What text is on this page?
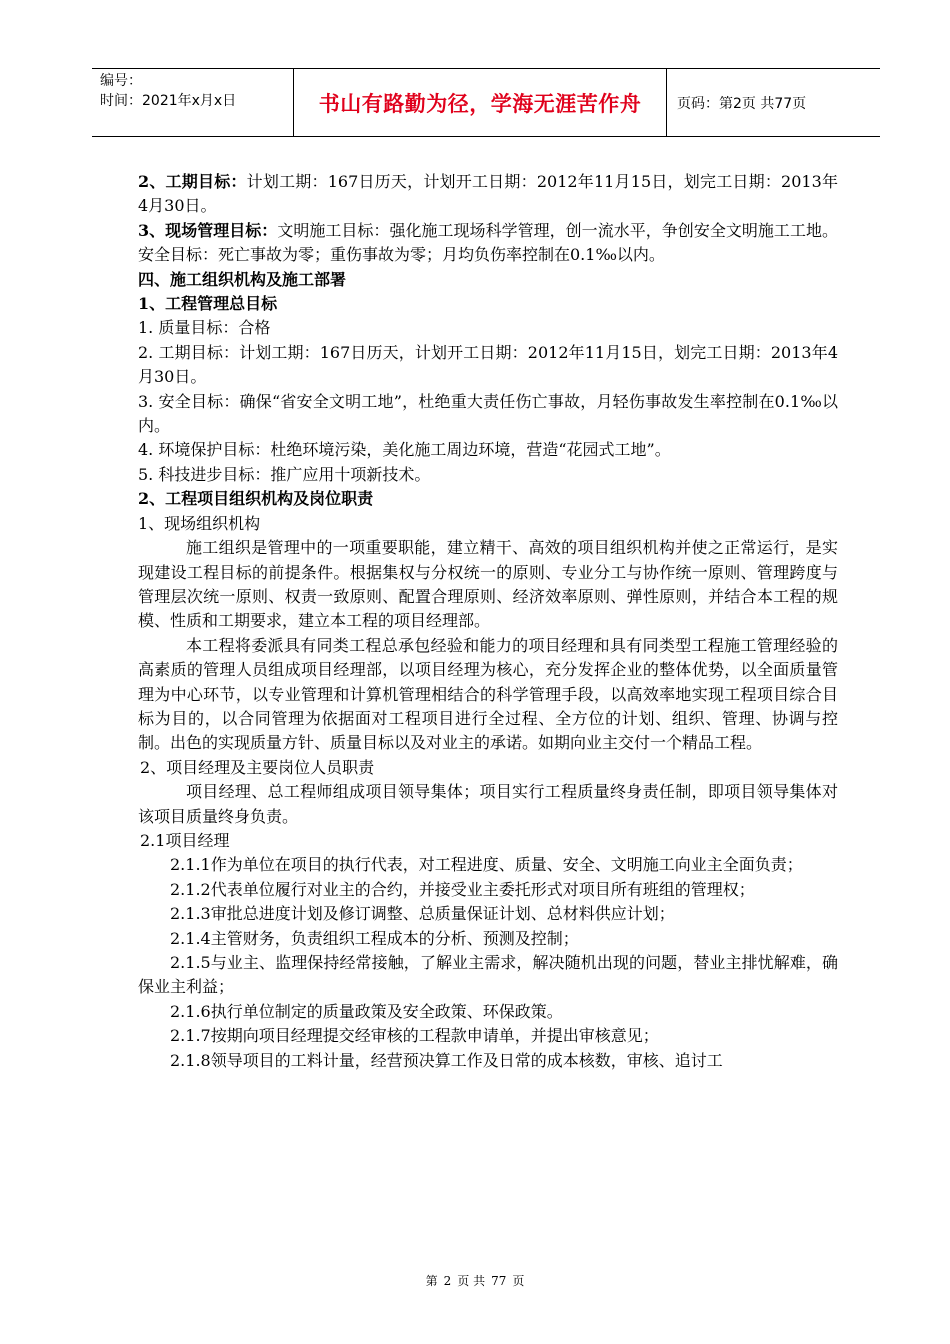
编号：
时间：2021年x月x日	书山有路勤为径，学海无涯苦作舟	页码：第2页 共77页

2、工期目标：计划工期：167日历天，计划开工日期：2012年11月15日，划完工日期：2013年4月30日。

3、现场管理目标：文明施工目标：强化施工现场科学管理，创一流水平，争创安全文明施工工地。安全目标：死亡事故为零；重伤事故为零；月均负伤率控制在0.1‰以内。

四、施工组织机构及施工部署

1、工程管理总目标

1. 质量目标：合格

2. 工期目标：计划工期：167日历天，计划开工日期：2012年11月15日，划完工日期：2013年4月30日。

3. 安全目标：确保“省安全文明工地”，杜绝重大责任伤亡事故，月轻伤事故发生率控制在0.1‰以内。

4. 环境保护目标：杜绝环境污染，美化施工周边环境，营造“花园式工地”。

5. 科技进步目标：推广应用十项新技术。

2、工程项目组织机构及岗位职责

1、现场组织机构

施工组织是管理中的一项重要职能，建立精干、高效的项目组织机构并使之正常运行，是实现建设工程目标的前提条件。根据集权与分权统一的原则、专业分工与协作统一原则、管理跨度与管理层次统一原则、权责一致原则、配置合理原则、经济效率原则、弹性原则，并结合本工程的规模、性质和工期要求，建立本工程的项目经理部。

本工程将委派具有同类工程总承包经验和能力的项目经理和具有同类型工程施工管理经验的高素质的管理人员组成项目经理部，以项目经理为核心，充分发挥企业的整体优势，以全面质量管理为中心环节，以专业管理和计算机管理相结合的科学管理手段，以高效率地实现工程项目综合目标为目的，以合同管理为依据面对工程项目进行全过程、全方位的计划、组织、管理、协调与控制。出色的实现质量方针、质量目标以及对业主的承诺。如期向业主交付一个精品工程。

2、项目经理及主要岗位人员职责

项目经理、总工程师组成项目领导集体；项目实行工程质量终身责任制，即项目领导集体对该项目质量终身负责。

2.1项目经理

2.1.1作为单位在项目的执行代表，对工程进度、质量、安全、文明施工向业主全面负责；

2.1.2代表单位履行对业主的合约，并接受业主委托形式对项目所有班组的管理权；

2.1.3审批总进度计划及修订调整、总质量保证计划、总材料供应计划；

2.1.4主管财务，负责组织工程成本的分析、预测及控制；

2.1.5与业主、监理保持经常接触，了解业主需求，解决随机出现的问题，替业主排忧解难，确保业主利益；

2.1.6执行单位制定的质量政策及安全政策、环保政策。

2.1.7按期向项目经理提交经审核的工程款申请单，并提出审核意见；

2.1.8领导项目的工料计量，经营预决算工作及日常的成本核数，审核、追讨工

第 2 页 共 77 页
